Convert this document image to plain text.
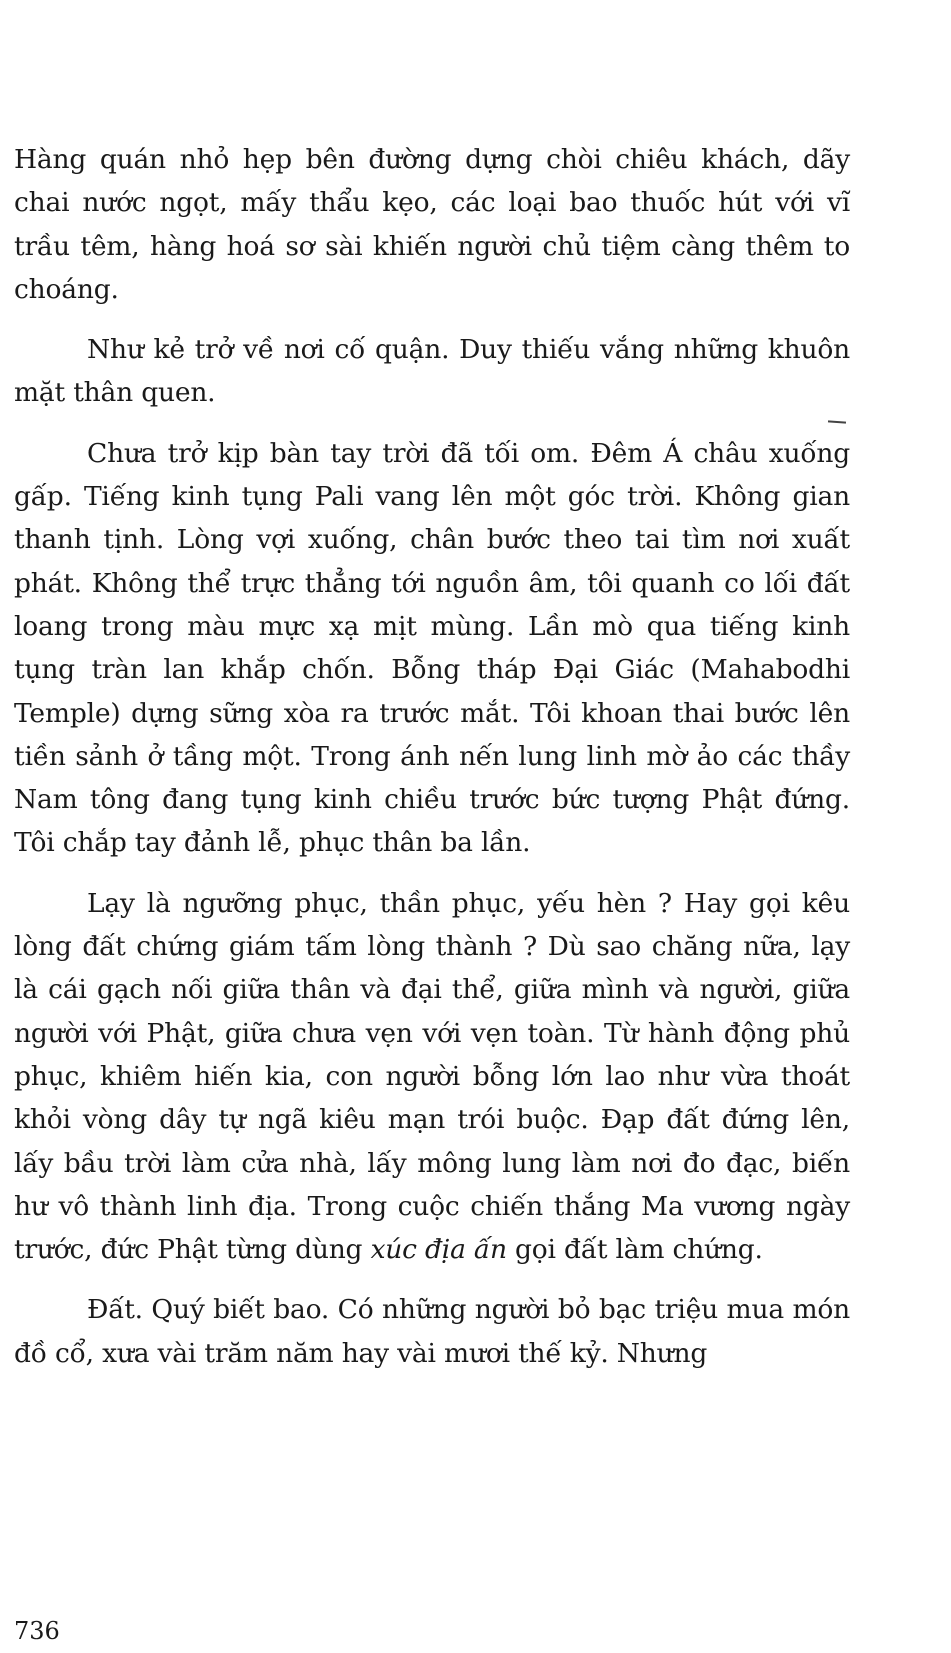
Hàng quán nhỏ hẹp bên đường dựng chòi chiêu khách, dãy chai nước ngọt, mấy thẩu kẹo, các loại bao thuốc hút với vĩ trầu têm, hàng hoá sơ sài khiến người chủ tiệm càng thêm to choáng.

Như kẻ trở về nơi cố quận. Duy thiếu vắng những khuôn mặt thân quen.

Chưa trở kịp bàn tay trời đã tối om. Đêm Á châu xuống gấp. Tiếng kinh tụng Pali vang lên một góc trời. Không gian thanh tịnh. Lòng vợi xuống, chân bước theo tai tìm nơi xuất phát. Không thể trực thẳng tới nguồn âm, tôi quanh co lối đất loang trong màu mực xạ mịt mùng. Lần mò qua tiếng kinh tụng tràn lan khắp chốn. Bỗng tháp Đại Giác (Mahabodhi Temple) dựng sững xòa ra trước mắt. Tôi khoan thai bước lên tiền sảnh ở tầng một. Trong ánh nến lung linh mờ ảo các thầy Nam tông đang tụng kinh chiều trước bức tượng Phật đứng. Tôi chắp tay đảnh lễ, phục thân ba lần.

Lạy là ngưỡng phục, thần phục, yếu hèn ? Hay gọi kêu lòng đất chứng giám tấm lòng thành ? Dù sao chăng nữa, lạy là cái gạch nối giữa thân và đại thể, giữa mình và người, giữa người với Phật, giữa chưa vẹn với vẹn toàn. Từ hành động phủ phục, khiêm hiến kia, con người bỗng lớn lao như vừa thoát khỏi vòng dây tự ngã kiêu mạn trói buộc. Đạp đất đứng lên, lấy bầu trời làm cửa nhà, lấy mông lung làm nơi đo đạc, biến hư vô thành linh địa. Trong cuộc chiến thắng Ma vương ngày trước, đức Phật từng dùng xúc địa ấn gọi đất làm chứng.

Đất. Quý biết bao. Có những người bỏ bạc triệu mua món đồ cổ, xưa vài trăm năm hay vài mươi thế kỷ. Nhưng

736
